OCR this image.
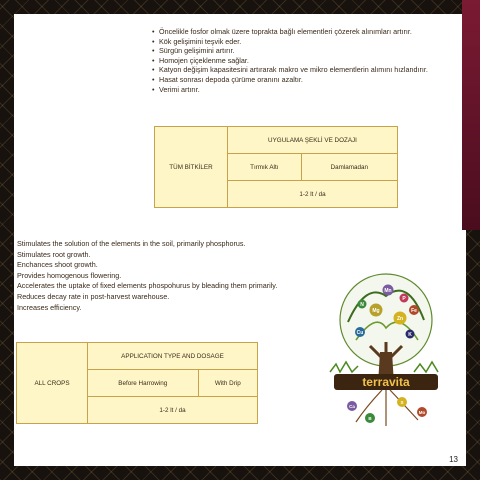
• Öncelikle fosfor olmak üzere toprakta bağlı elementleri çözerek alınımları artırır.
• Kök gelişimini teşvik eder.
• Sürgün gelişimini artırır.
• Homojen çiçeklenme sağlar.
• Katyon değişim kapasitesini artırarak makro ve mikro elementlerin alımını hızlandırır.
• Hasat sonrası depoda çürüme oranını azaltır.
• Verimi artırır.
TÜM BİTKİLER	UYGULAMA ŞEKLİ VE DOZAJI	
	Tırmık Altı	Damlamadan
	1-2 lt / da	
• Stimulates the solution of the elements in the soil, primarily phosphorus.
• Stimulates root growth.
• Enchances shoot growth.
• Provides homogenous flowering.
• Accelerates the uptake of fixed elements phospohurus by bleading them primarily.
• Reduces decay rate in post-harvest warehouse.
• Increases efficiency.
ALL CROPS	APPLICATION TYPE AND DOSAGE	
	Before Harrowing	With Drip
	1-2 lt / da	
Mn
Mg
Zn
Fe
Cu
N
P
K
terravita
Ca
B
S
Mo
13
